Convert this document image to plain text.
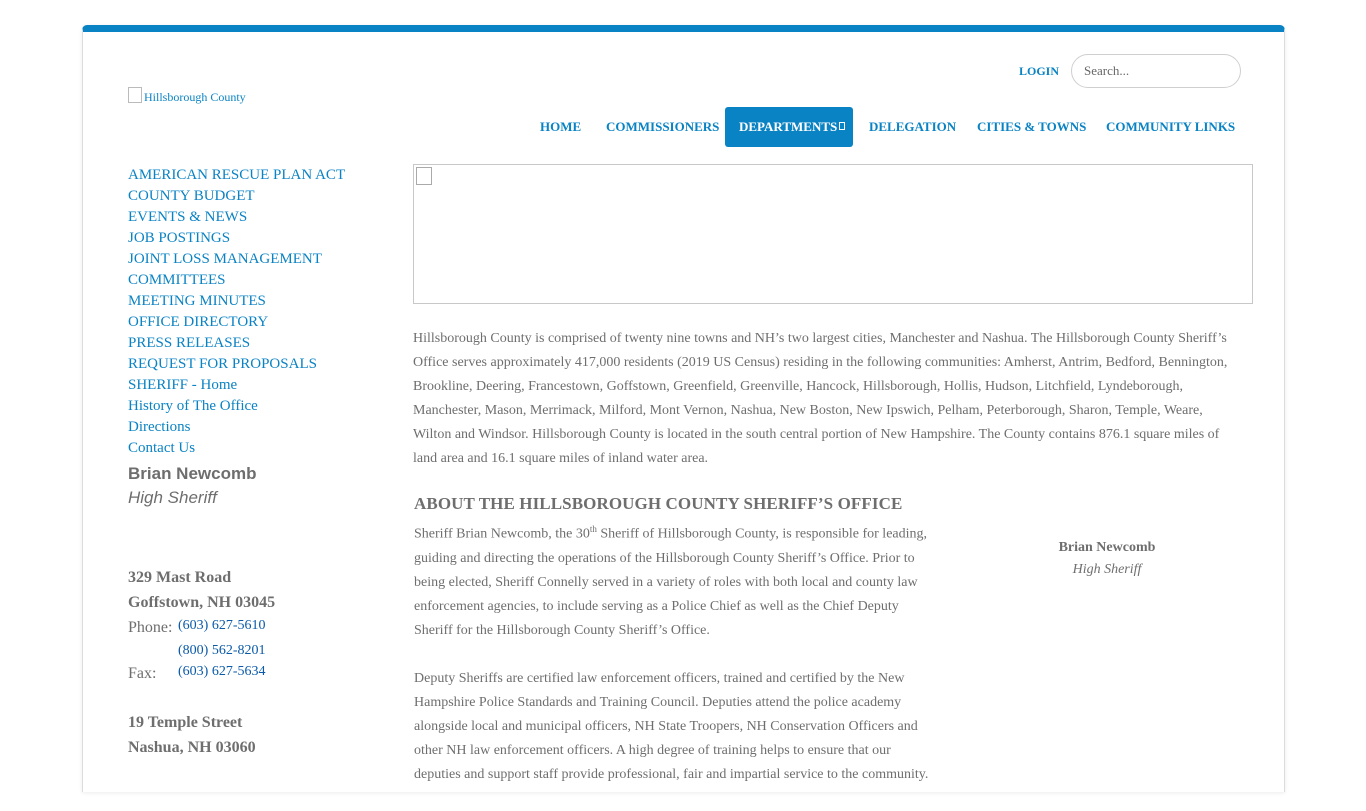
Hillsborough County
LOGIN
Search...
HOME	COMMISSIONERS	DEPARTMENTS	DELEGATION	CITIES & TOWNS	COMMUNITY LINKS
AMERICAN RESCUE PLAN ACT
COUNTY BUDGET
EVENTS & NEWS
JOB POSTINGS
JOINT LOSS MANAGEMENT
COMMITTEES
MEETING MINUTES
OFFICE DIRECTORY
PRESS RELEASES
REQUEST FOR PROPOSALS
SHERIFF - Home
History of The Office
Directions
Contact Us
Brian Newcomb
High Sheriff
329 Mast Road
Goffstown, NH 03045
Phone: (603) 627-5610
(800) 562-8201
Fax:	(603) 627-5634
19 Temple Street
Nashua, NH 03060

Hillsborough County is comprised of twenty nine towns and NH’s two largest cities, Manchester and Nashua. The Hillsborough County Sheriff’s Office serves approximately 417,000 residents (2019 US Census) residing in the following communities: Amherst, Antrim, Bedford, Bennington, Brookline, Deering, Francestown, Goffstown, Greenfield, Greenville, Hancock, Hillsborough, Hollis, Hudson, Litchfield, Lyndeborough, Manchester, Mason, Merrimack, Milford, Mont Vernon, Nashua, New Boston, New Ipswich, Pelham, Peterborough, Sharon, Temple, Weare, Wilton and Windsor. Hillsborough County is located in the south central portion of New Hampshire. The County contains 876.1 square miles of land area and 16.1 square miles of inland water area.

ABOUT THE HILLSBOROUGH COUNTY SHERIFF’S OFFICE

Sheriff Brian Newcomb, the 30th Sheriff of Hillsborough County, is responsible for leading, guiding and directing the operations of the Hillsborough County Sheriff’s Office. Prior to being elected, Sheriff Connelly served in a variety of roles with both local and county law enforcement agencies, to include serving as a Police Chief as well as the Chief Deputy Sheriff for the Hillsborough County Sheriff’s Office.

Deputy Sheriffs are certified law enforcement officers, trained and certified by the New Hampshire Police Standards and Training Council. Deputies attend the police academy alongside local and municipal officers, NH State Troopers, NH Conservation Officers and other NH law enforcement officers. A high degree of training helps to ensure that our deputies and support staff provide professional, fair and impartial service to the community.

Brian Newcomb
High Sheriff
